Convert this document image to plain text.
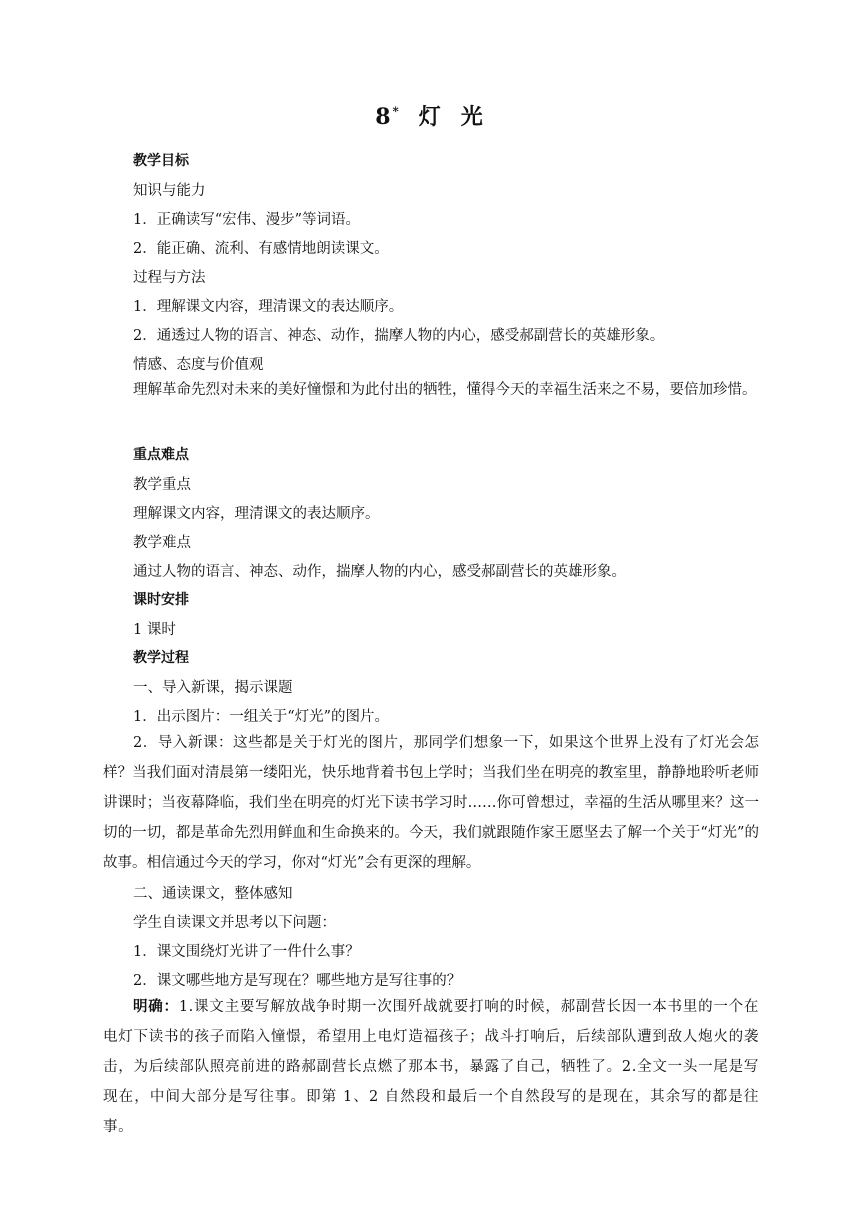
8* 灯 光
教学目标
知识与能力
1．正确读写“宏伟、漫步”等词语。
2．能正确、流利、有感情地朗读课文。
过程与方法
1．理解课文内容，理清课文的表达顺序。
2．通透过人物的语言、神态、动作，揣摩人物的内心，感受郝副营长的英雄形象。
情感、态度与价值观
理解革命先烈对未来的美好憧憬和为此付出的牺牲，懂得今天的幸福生活来之不易，要倍加珍惜。
重点难点
教学重点
理解课文内容，理清课文的表达顺序。
教学难点
通过人物的语言、神态、动作，揣摩人物的内心，感受郝副营长的英雄形象。
课时安排
1 课时
教学过程
一、导入新课，揭示课题
1．出示图片：一组关于“灯光”的图片。
2．导入新课：这些都是关于灯光的图片，那同学们想象一下，如果这个世界上没有了灯光会怎样？当我们面对清晨第一缕阳光，快乐地背着书包上学时；当我们坐在明亮的教室里，静静地聆听老师讲课时；当夜幕降临，我们坐在明亮的灯光下读书学习时……你可曾想过，幸福的生活从哪里来？这一切的一切，都是革命先烈用鲜血和生命换来的。今天，我们就跟随作家王愿坚去了解一个关于“灯光”的故事。相信通过今天的学习，你对“灯光”会有更深的理解。
二、通读课文，整体感知
学生自读课文并思考以下问题：
1．课文围绕灯光讲了一件什么事？
2．课文哪些地方是写现在？哪些地方是写往事的？
明确：1.课文主要写解放战争时期一次围歼战就要打响的时候，郝副营长因一本书里的一个在电灯下读书的孩子而陷入憧憬，希望用上电灯造福孩子；战斗打响后，后续部队遭到敌人炮火的袭击，为后续部队照亮前进的路郝副营长点燃了那本书，暴露了自己，牺牲了。2.全文一头一尾是写现在，中间大部分是写往事。即第 1、2 自然段和最后一个自然段写的是现在，其余写的都是往事。
